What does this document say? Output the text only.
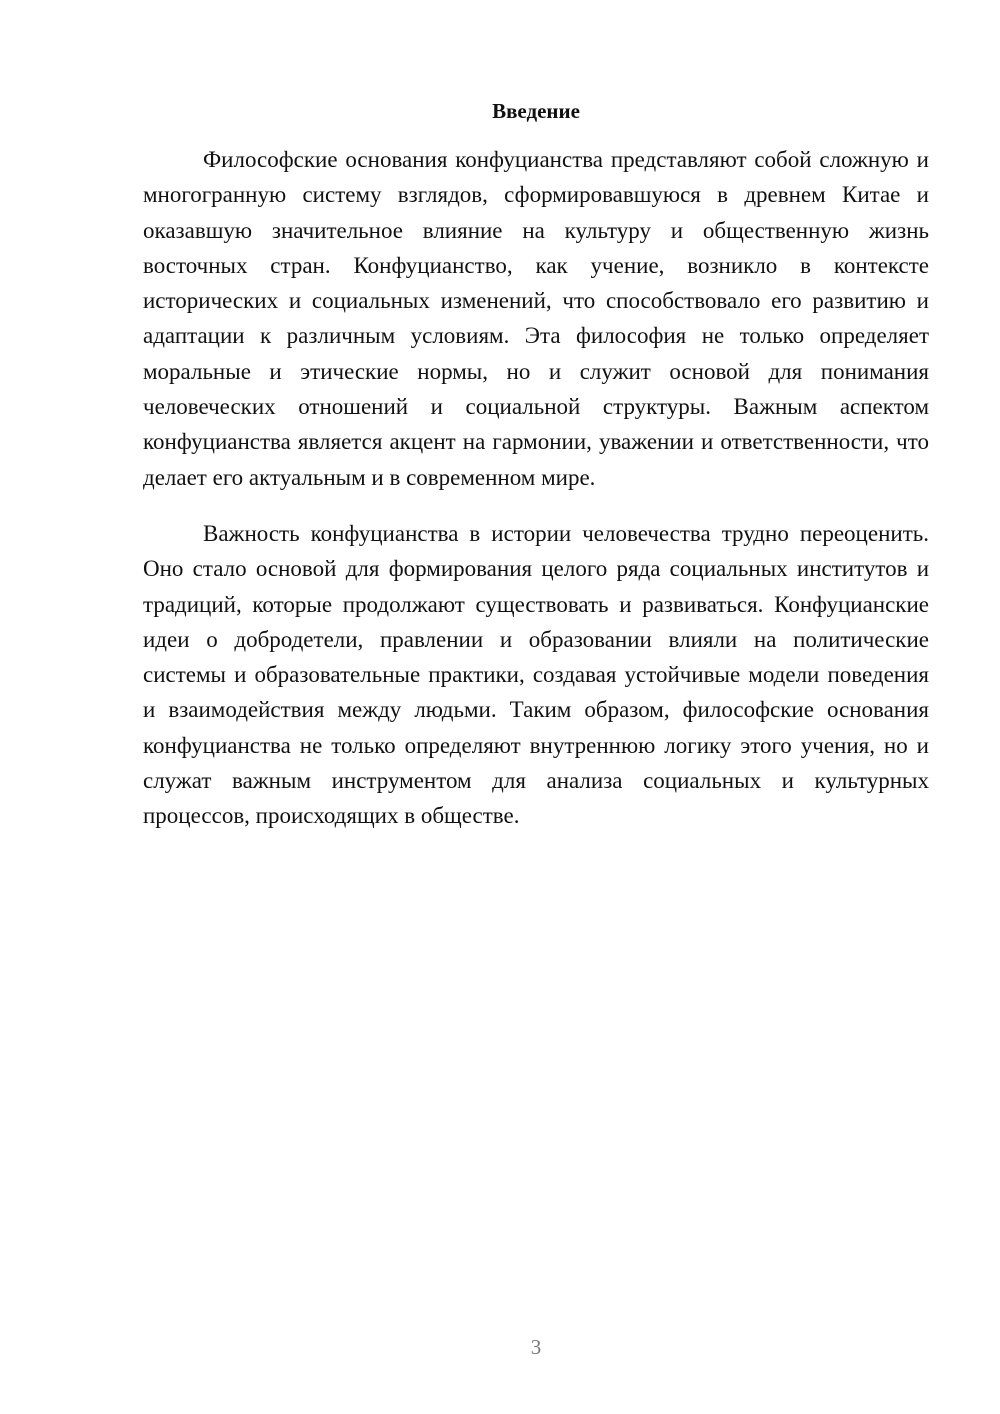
Введение

Философские основания конфуцианства представляют собой сложную и многогранную систему взглядов, сформировавшуюся в древнем Китае и оказавшую значительное влияние на культуру и общественную жизнь восточных стран. Конфуцианство, как учение, возникло в контексте исторических и социальных изменений, что способствовало его развитию и адаптации к различным условиям. Эта философия не только определяет моральные и этические нормы, но и служит основой для понимания человеческих отношений и социальной структуры. Важным аспектом конфуцианства является акцент на гармонии, уважении и ответственности, что делает его актуальным и в современном мире.

Важность конфуцианства в истории человечества трудно переоценить. Оно стало основой для формирования целого ряда социальных институтов и традиций, которые продолжают существовать и развиваться. Конфуцианские идеи о добродетели, правлении и образовании влияли на политические системы и образовательные практики, создавая устойчивые модели поведения и взаимодействия между людьми. Таким образом, философские основания конфуцианства не только определяют внутреннюю логику этого учения, но и служат важным инструментом для анализа социальных и культурных процессов, происходящих в обществе.

3
